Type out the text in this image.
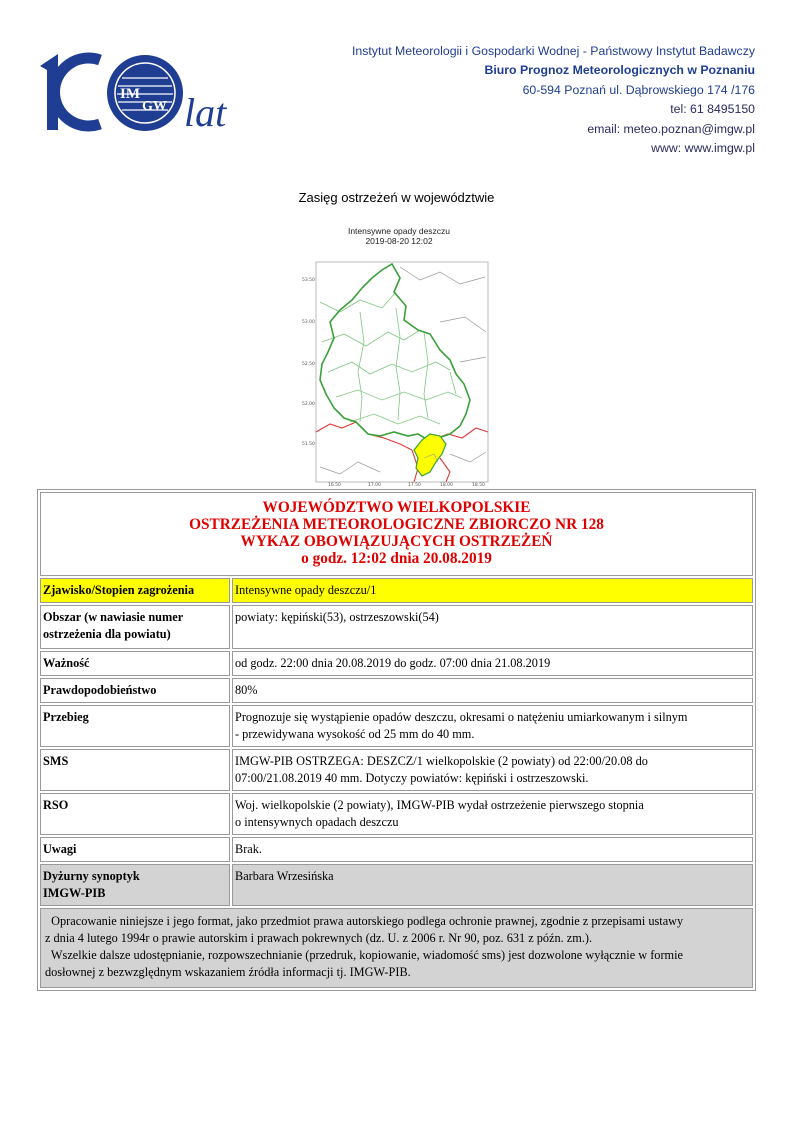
IM
GW lat
Instytut Meteorologii i Gospodarki Wodnej - Państwowy Instytut Badawczy
Biuro Prognoz Meteorologicznych w Poznaniu
60-594 Poznań ul. Dąbrowskiego 174 /176
tel: 61 8495150
email: meteo.poznan@imgw.pl
www: www.imgw.pl
Zasięg ostrzeżeń w województwie
Intensywne opady deszczu
2019-08-20 12:02
53.50
53.00
52.50
52.00
51.50
16.50	17.00	17.50	18.00	18.50
WOJEWÓDZTWO WIELKOPOLSKIE
OSTRZEŻENIA METEOROLOGICZNE ZBIORCZO NR 128
WYKAZ OBOWIĄZUJĄCYCH OSTRZEŻEŃ
o godz. 12:02 dnia 20.08.2019	

Zjawisko/Stopien zagrożenia	Intensywne opady deszczu/1
Obszar (w nawiasie numer ostrzeżenia dla powiatu)	powiaty: kępiński(53), ostrzeszowski(54)
Ważność	od godz. 22:00 dnia 20.08.2019 do godz. 07:00 dnia 21.08.2019
Prawdopodobieństwo	80%
Przebieg	Prognozuje się wystąpienie opadów deszczu, okresami o natężeniu umiarkowanym i silnym
- przewidywana wysokość od 25 mm do 40 mm.

SMS	IMGW-PIB OSTRZEGA: DESZCZ/1 wielkopolskie (2 powiaty) od 22:00/20.08 do
07:00/21.08.2019 40 mm. Dotyczy powiatów: kępiński i ostrzeszowski.

RSO	Woj. wielkopolskie (2 powiaty), IMGW-PIB wydał ostrzeżenie pierwszego stopnia
o intensywnych opadach deszczu

Uwagi	Brak.

Dyżurny synoptyk
IMGW-PIB	Barbara Wrzesińska

Opracowanie niniejsze i jego format, jako przedmiot prawa autorskiego podlega ochronie prawnej, zgodnie z przepisami ustawy
z dnia 4 lutego 1994r o prawie autorskim i prawach pokrewnych (dz. U. z 2006 r. Nr 90, poz. 631 z późn. zm.).
Wszelkie dalsze udostępnianie, rozpowszechnianie (przedruk, kopiowanie, wiadomość sms) jest dozwolone wyłącznie w formie
dosłownej z bezwzględnym wskazaniem źródła informacji tj. IMGW-PIB.	
